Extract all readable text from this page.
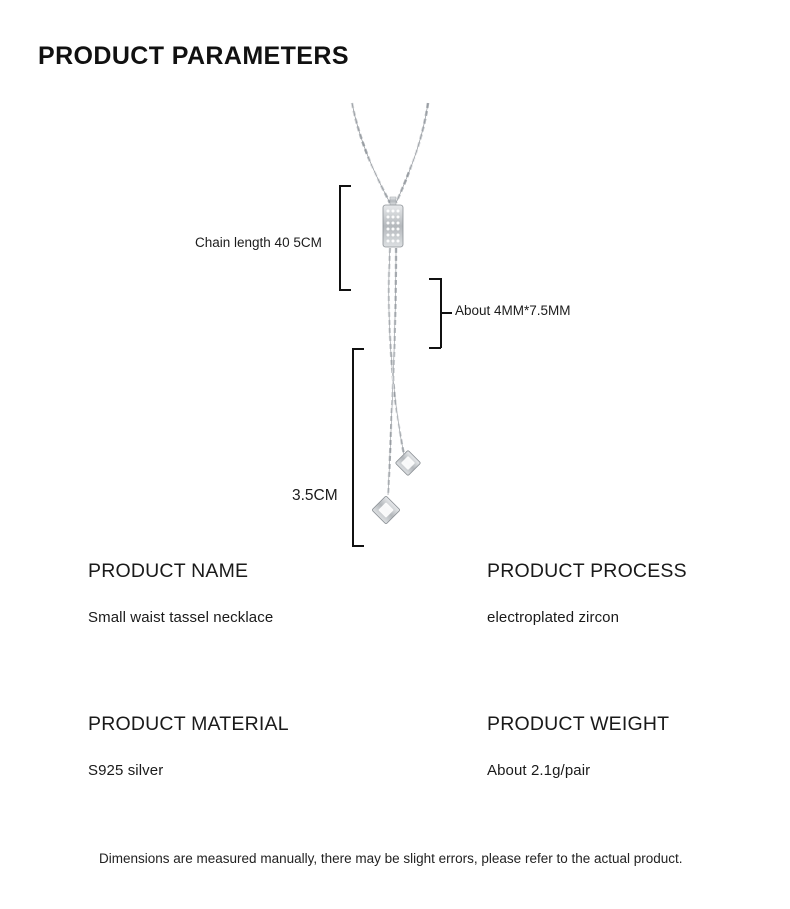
PRODUCT PARAMETERS
Chain length 40 5CM
About 4MM*7.5MM
3.5CM
PRODUCT NAME
Small waist tassel necklace
PRODUCT PROCESS
electroplated zircon
PRODUCT MATERIAL
S925 silver
PRODUCT WEIGHT
About 2.1g/pair
Dimensions are measured manually, there may be slight errors, please refer to the actual product.
